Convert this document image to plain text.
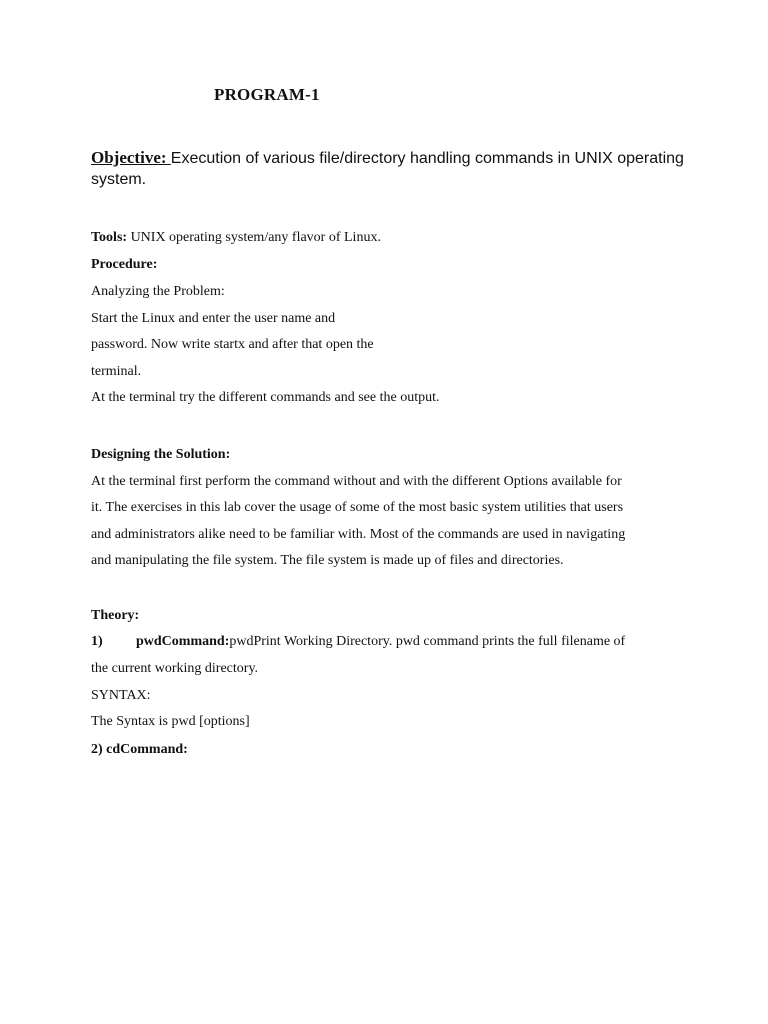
PROGRAM-1
Objective: Execution of various file/directory handling commands in UNIX operating system.
Tools: UNIX operating system/any flavor of Linux.
Procedure:
Analyzing the Problem:
Start the Linux and enter the user name and
password. Now write startx and after that open the
terminal.
At the terminal try the different commands and see the output.
Designing the Solution:
At the terminal first perform the command without and with the different Options available for
it. The exercises in this lab cover the usage of some of the most basic system utilities that users
and administrators alike need to be familiar with. Most of the commands are used in navigating
and manipulating the file system. The file system is made up of files and directories.
Theory:
1) pwdCommand:pwdPrint Working Directory. pwd command prints the full filename of
the current working directory.
SYNTAX:
The Syntax is pwd [options]
2) cdCommand:
